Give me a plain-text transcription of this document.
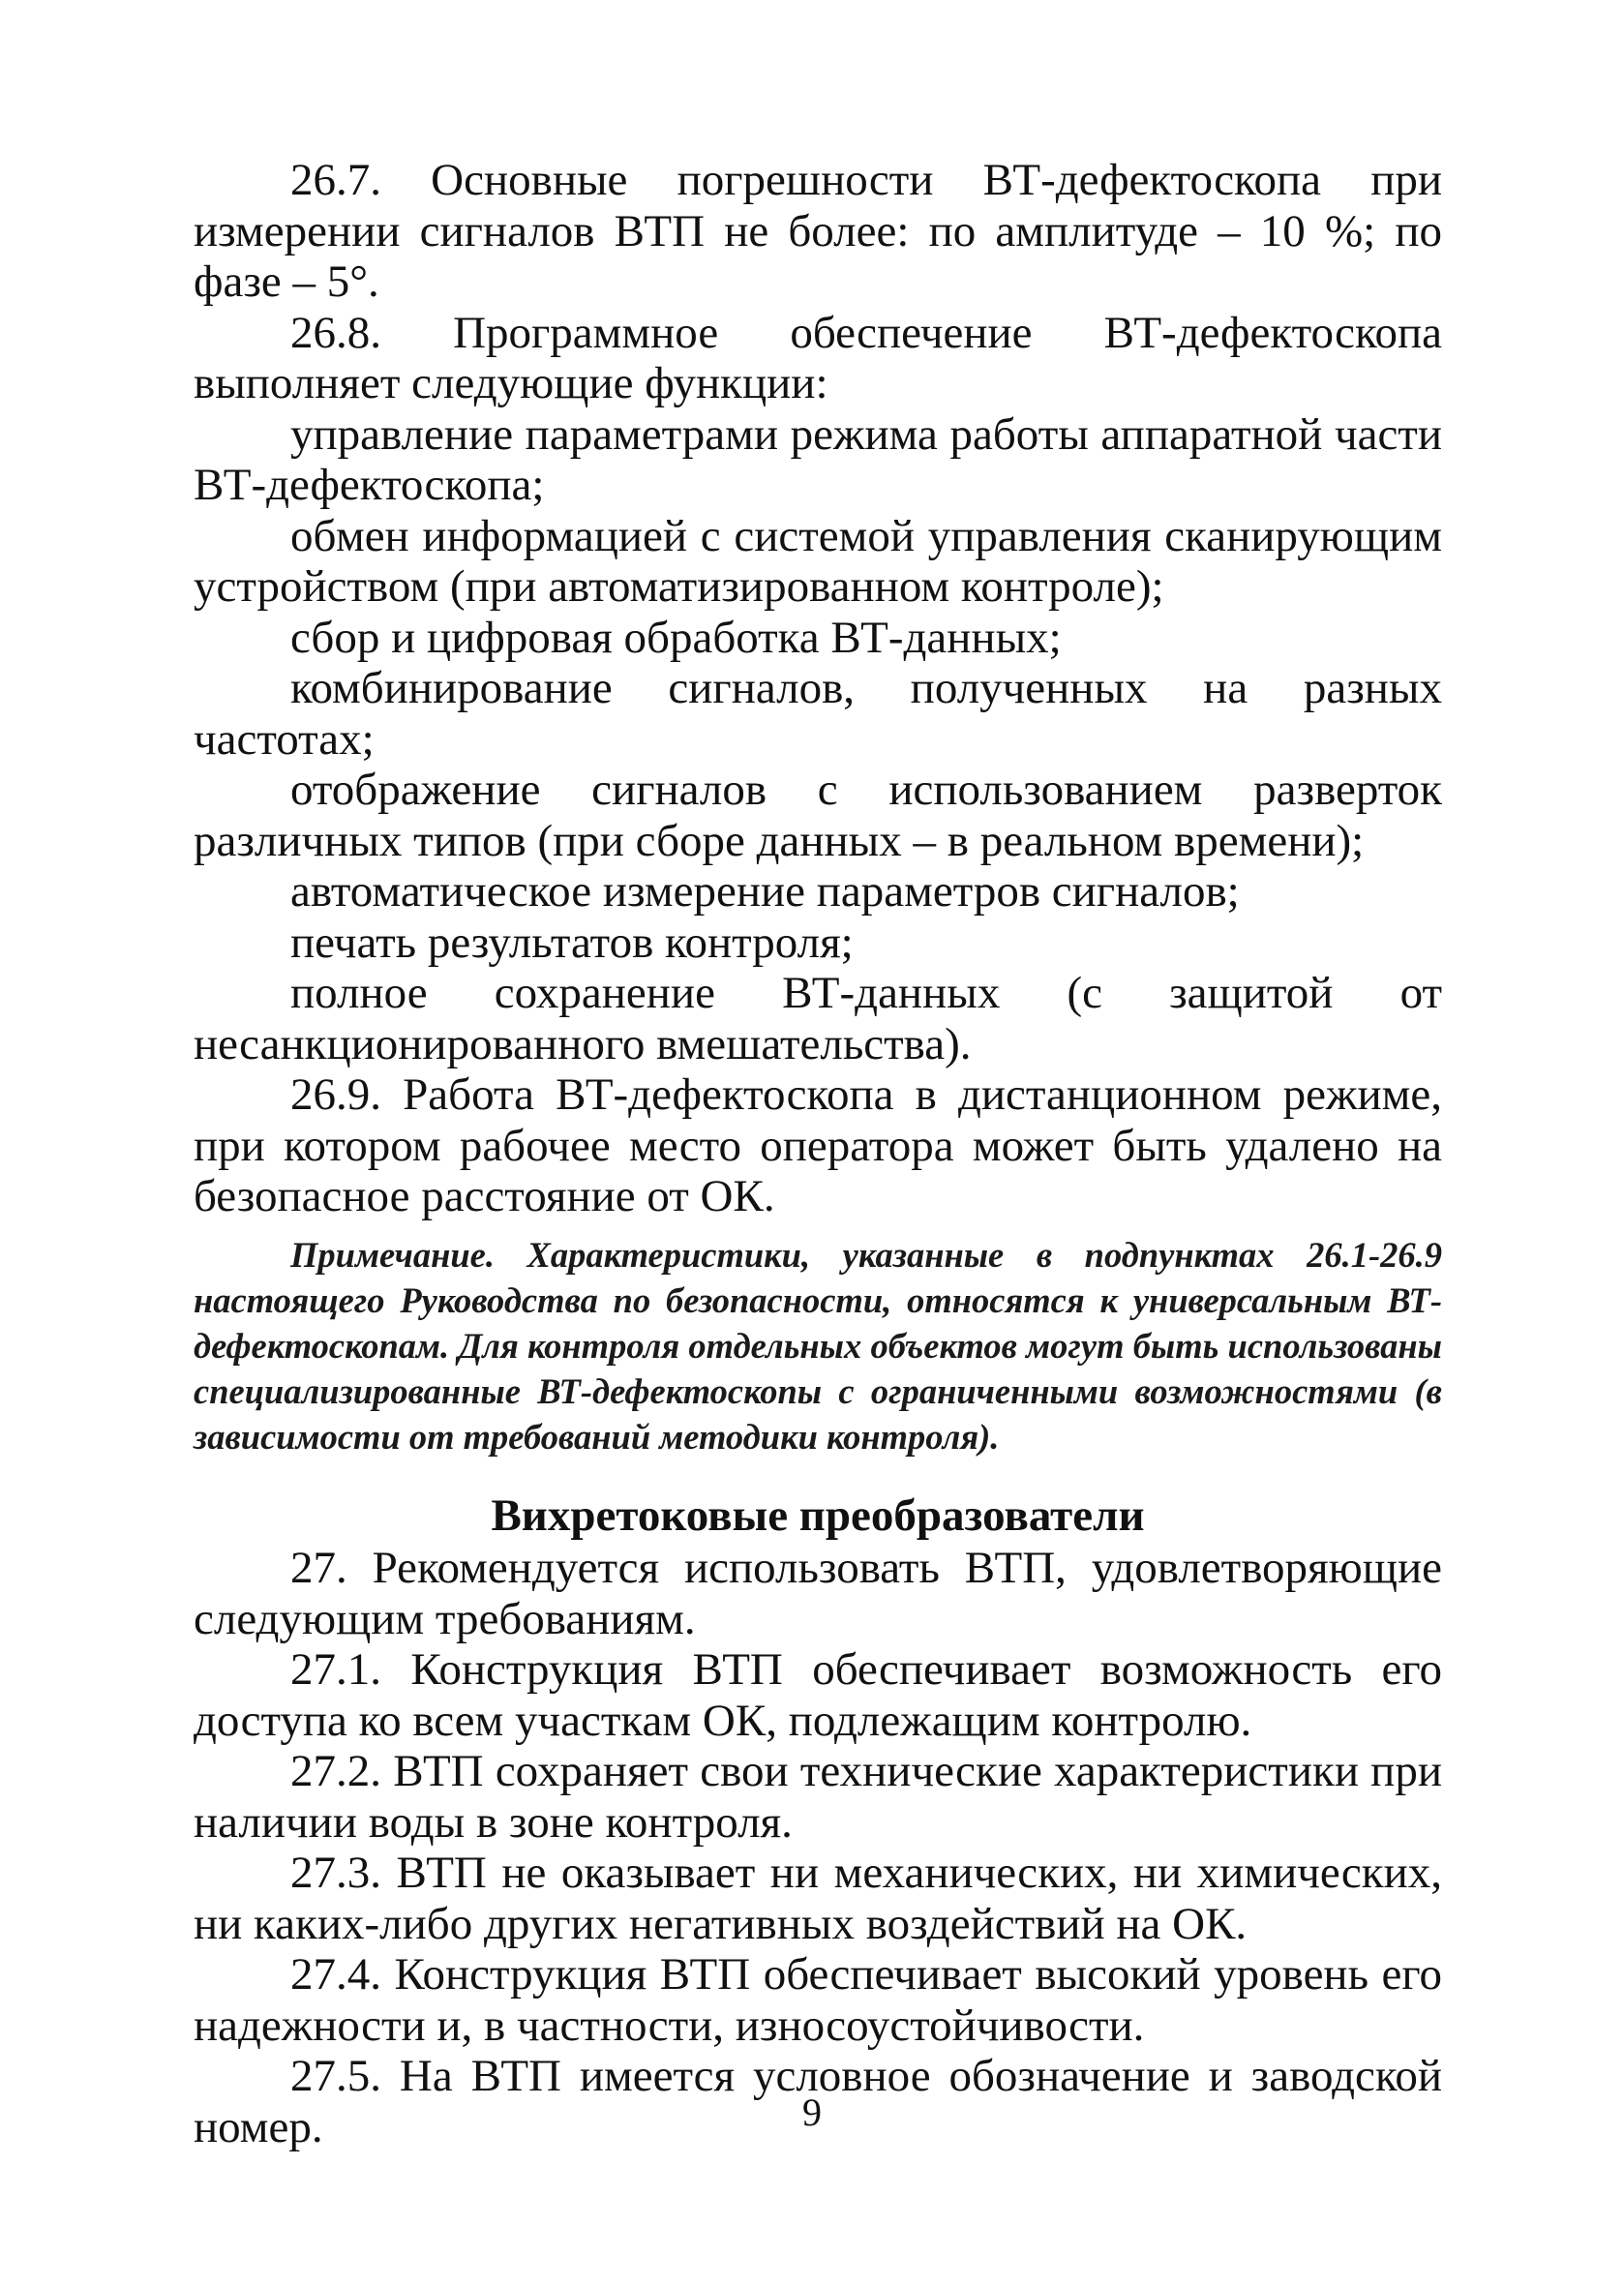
26.7. Основные погрешности ВТ-дефектоскопа при измерении сигналов ВТП не более: по амплитуде – 10 %; по фазе – 5°.

26.8. Программное обеспечение ВТ-дефектоскопа выполняет следующие функции:

управление параметрами режима работы аппаратной части ВТ-дефектоскопа;

обмен информацией с системой управления сканирующим устройством (при автоматизированном контроле);

сбор и цифровая обработка ВТ-данных;

комбинирование сигналов, полученных на разных частотах;

отображение сигналов с использованием разверток различных типов (при сборе данных – в реальном времени);

автоматическое измерение параметров сигналов;

печать результатов контроля;

полное сохранение ВТ-данных (с защитой от несанкционированного вмешательства).

26.9. Работа ВТ-дефектоскопа в дистанционном режиме, при котором рабочее место оператора может быть удалено на безопасное расстояние от ОК.

Примечание. Характеристики, указанные в подпунктах 26.1-26.9 настоящего Руководства по безопасности, относятся к универсальным ВТ-дефектоскопам. Для контроля отдельных объектов могут быть использованы специализированные ВТ-дефектоскопы с ограниченными возможностями (в зависимости от требований методики контроля).

Вихретоковые преобразователи

27. Рекомендуется использовать ВТП, удовлетворяющие следующим требованиям.

27.1. Конструкция ВТП обеспечивает возможность его доступа ко всем участкам ОК, подлежащим контролю.

27.2. ВТП сохраняет свои технические характеристики при наличии воды в зоне контроля.

27.3. ВТП не оказывает ни механических, ни химических, ни каких-либо других негативных воздействий на ОК.

27.4. Конструкция ВТП обеспечивает высокий уровень его надежности и, в частности, износоустойчивости.

27.5. На ВТП имеется условное обозначение и заводской номер.	9
